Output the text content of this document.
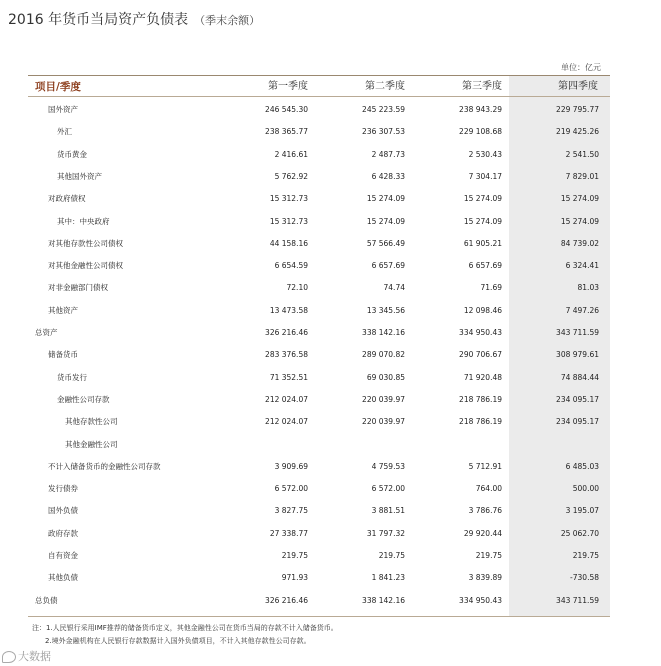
2016 年货币当局资产负债表 （季末余额）
单位：亿元
项目/季度	第一季度	第二季度	第三季度	第四季度
国外资产	246 545.30	245 223.59	238 943.29	229 795.77
外汇	238 365.77	236 307.53	229 108.68	219 425.26
货币黄金	2 416.61	2 487.73	2 530.43	2 541.50
其他国外资产	5 762.92	6 428.33	7 304.17	7 829.01
对政府债权	15 312.73	15 274.09	15 274.09	15 274.09
其中：中央政府	15 312.73	15 274.09	15 274.09	15 274.09
对其他存款性公司债权	44 158.16	57 566.49	61 905.21	84 739.02
对其他金融性公司债权	6 654.59	6 657.69	6 657.69	6 324.41
对非金融部门债权	72.10	74.74	71.69	81.03
其他资产	13 473.58	13 345.56	12 098.46	7 497.26
总资产	326 216.46	338 142.16	334 950.43	343 711.59
储备货币	283 376.58	289 070.82	290 706.67	308 979.61
货币发行	71 352.51	69 030.85	71 920.48	74 884.44
金融性公司存款	212 024.07	220 039.97	218 786.19	234 095.17
其他存款性公司	212 024.07	220 039.97	218 786.19	234 095.17
其他金融性公司
不计入储备货币的金融性公司存款	3 909.69	4 759.53	5 712.91	6 485.03
发行债券	6 572.00	6 572.00	764.00	500.00
国外负债	3 827.75	3 881.51	3 786.76	3 195.07
政府存款	27 338.77	31 797.32	29 920.44	25 062.70
自有资金	219.75	219.75	219.75	219.75
其他负债	971.93	1 841.23	3 839.89	-730.58
总负债	326 216.46	338 142.16	334 950.43	343 711.59
注：1.人民银行采用IMF推荐的储备货币定义，其他金融性公司在货币当局的存款不计入储备货币。
2.境外金融机构在人民银行存款数据计入国外负债项目，不计入其他存款性公司存款。
大数据
